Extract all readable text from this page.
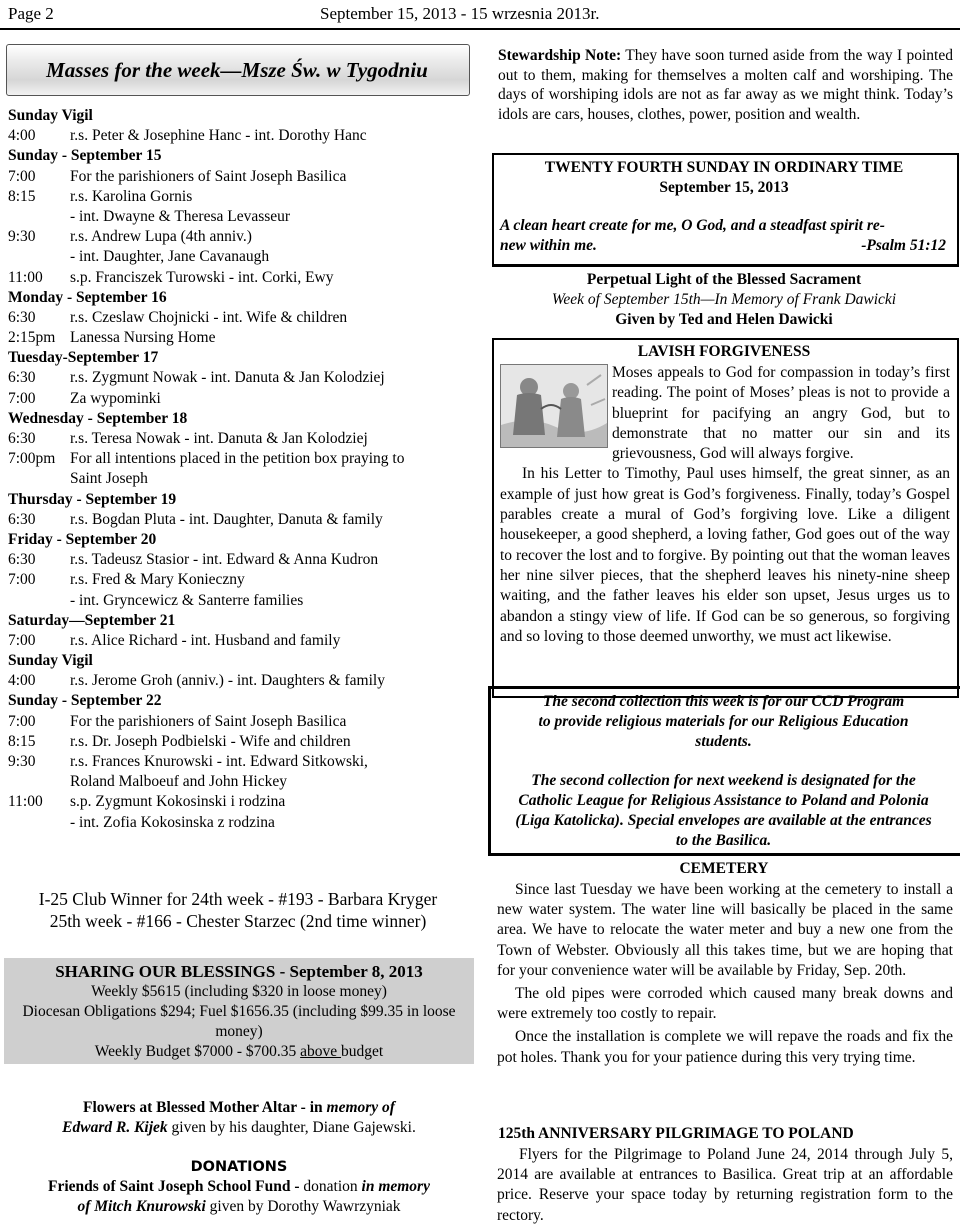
Page 2	September 15, 2013 - 15 wrzesnia 2013r.
Masses for the week—Msze Św. w Tygodniu
Sunday Vigil
4:00	r.s. Peter & Josephine Hanc - int. Dorothy Hanc
Sunday - September 15
7:00	For the parishioners of Saint Joseph Basilica
8:15	r.s. Karolina Gornis
- int. Dwayne & Theresa Levasseur
9:30	r.s. Andrew Lupa (4th anniv.)
- int. Daughter, Jane Cavanaugh
11:00	s.p. Franciszek Turowski - int. Corki, Ewy
Monday - September 16
6:30	r.s. Czeslaw Chojnicki - int. Wife & children
2:15pm Lanessa Nursing Home
Tuesday-September 17
6:30	r.s. Zygmunt Nowak - int. Danuta & Jan Kolodziej
7:00	Za wypominki
Wednesday - September 18
6:30	r.s. Teresa Nowak - int. Danuta & Jan Kolodziej
7:00pm For all intentions placed in the petition box praying to
Saint Joseph
Thursday - September 19
6:30	r.s. Bogdan Pluta - int. Daughter, Danuta & family
Friday - September 20
6:30	r.s. Tadeusz Stasior - int. Edward & Anna Kudron
7:00	r.s. Fred & Mary Konieczny
- int. Gryncewicz & Santerre families
Saturday—September 21
7:00	r.s. Alice Richard - int. Husband and family
Sunday Vigil
4:00	r.s. Jerome Groh (anniv.) - int. Daughters & family
Sunday - September 22
7:00	For the parishioners of Saint Joseph Basilica
8:15	r.s. Dr. Joseph Podbielski - Wife and children
9:30	r.s. Frances Knurowski - int. Edward Sitkowski,
Roland Malboeuf and John Hickey
11:00	s.p. Zygmunt Kokosinski i rodzina
- int. Zofia Kokosinska z rodzina
I-25 Club Winner for 24th week - #193 - Barbara Kryger
25th week - #166 - Chester Starzec (2nd time winner)
SHARING OUR BLESSINGS - September 8, 2013
Weekly $5615 (including $320 in loose money)
Diocesan Obligations $294; Fuel $1656.35 (including $99.35 in loose money)
Weekly Budget $7000 - $700.35 above budget
Flowers at Blessed Mother Altar - in memory of
Edward R. Kijek given by his daughter, Diane Gajewski.
DONATIONS
Friends of Saint Joseph School Fund - donation in memory
of Mitch Knurowski given by Dorothy Wawrzyniak
Stewardship Note: They have soon turned aside from the way I pointed out to them, making for themselves a molten calf and worshiping. The days of worshiping idols are not as far away as we might think. Today’s idols are cars, houses, clothes, power, position and wealth.
TWENTY FOURTH SUNDAY IN ORDINARY TIME
September 15, 2013
A clean heart create for me, O God, and a steadfast spirit re-
new within me.	-Psalm 51:12
Perpetual Light of the Blessed Sacrament
Week of September 15th—In Memory of Frank Dawicki
Given by Ted and Helen Dawicki
LAVISH FORGIVENESS

Moses appeals to God for compassion in today’s first reading. The point of Moses’ pleas is not to provide a blueprint for pacifying an angry God, but to demonstrate that no matter our sin and its grievousness, God will always forgive.

In his Letter to Timothy, Paul uses himself, the great sinner, as an example of just how great is God’s forgiveness. Finally, today’s Gospel parables create a mural of God’s forgiving love. Like a diligent housekeeper, a good shepherd, a loving father, God goes out of the way to recover the lost and to forgive. By pointing out that the woman leaves her nine silver pieces, that the shepherd leaves his ninety-nine sheep waiting, and the father leaves his elder son upset, Jesus urges us to abandon a stingy view of life. If God can be so generous, so forgiving and so loving to those deemed unworthy, we must act likewise.

The second collection this week is for our CCD Program to provide religious materials for our Religious Education students.
The second collection for next weekend is designated for the Catholic League for Religious Assistance to Poland and Polonia (Liga Katolicka). Special envelopes are available at the entrances to the Basilica.
CEMETERY

Since last Tuesday we have been working at the cemetery to install a new water system. The water line will basically be placed in the same area. We have to relocate the water meter and buy a new one from the Town of Webster. Obviously all this takes time, but we are hoping that for your convenience water will be available by Friday, Sep. 20th.

The old pipes were corroded which caused many break downs and were extremely too costly to repair.

Once the installation is complete we will repave the roads and fix the pot holes. Thank you for your patience during this very trying time.

125th ANNIVERSARY PILGRIMAGE TO POLAND
Flyers for the Pilgrimage to Poland June 24, 2014 through July 5, 2014 are available at entrances to Basilica. Great trip at an affordable price. Reserve your space today by returning registration form to the rectory.
